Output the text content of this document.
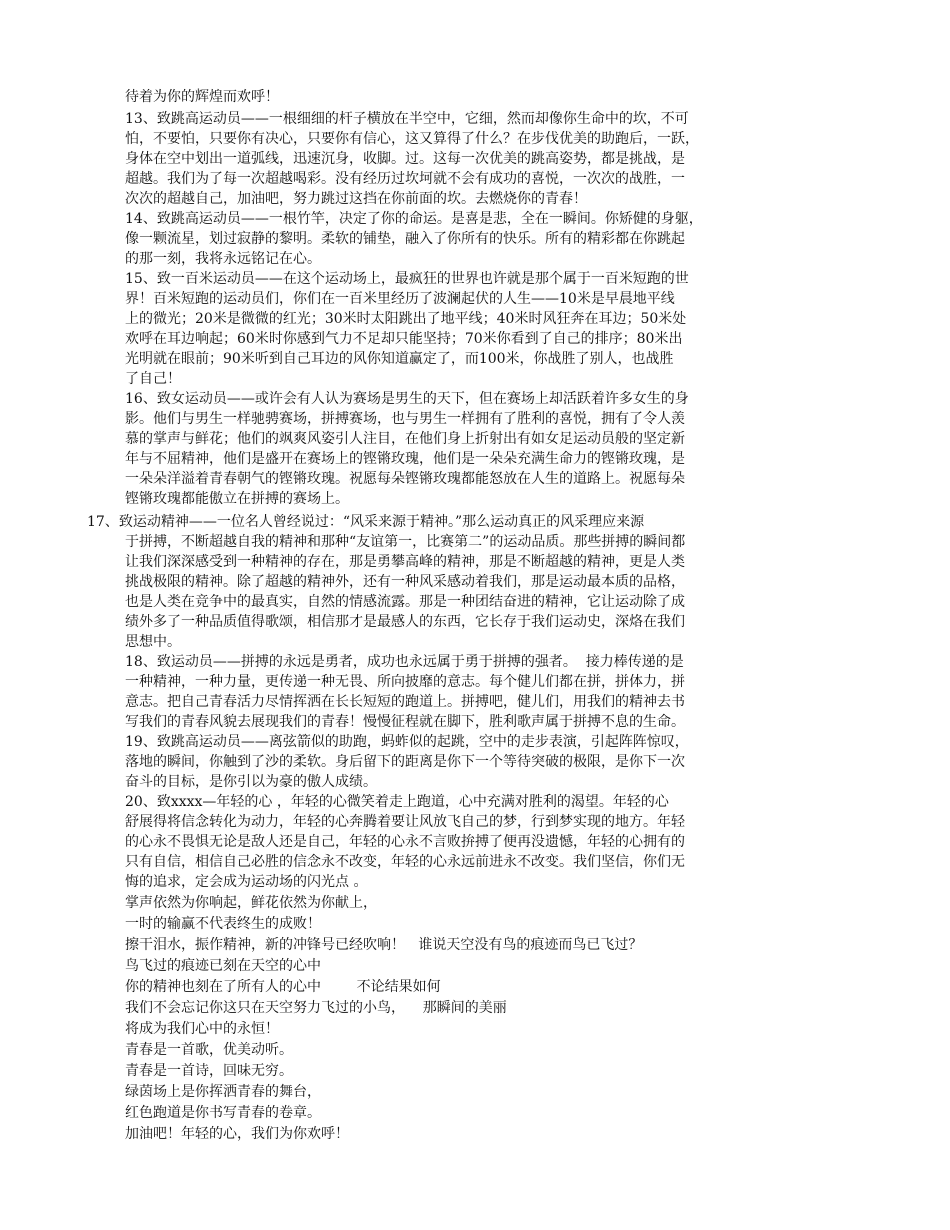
待着为你的辉煌而欢呼！
13、致跳高运动员——一根细细的杆子横放在半空中，它细，然而却像你生命中的坎，不可
怕，不要怕，只要你有决心，只要你有信心，这又算得了什么？在步伐优美的助跑后，一跃，
身体在空中划出一道弧线，迅速沉身，收脚。过。这每一次优美的跳高姿势，都是挑战，是
超越。我们为了每一次超越喝彩。没有经历过坎坷就不会有成功的喜悦，一次次的战胜，一
次次的超越自己，加油吧，努力跳过这挡在你前面的坎。去燃烧你的青春！
14、致跳高运动员——一根竹竿，决定了你的命运。是喜是悲，全在一瞬间。你矫健的身躯，
像一颗流星，划过寂静的黎明。柔软的铺垫，融入了你所有的快乐。所有的精彩都在你跳起
的那一刻，我将永远铭记在心。
15、致一百米运动员——在这个运动场上，最疯狂的世界也许就是那个属于一百米短跑的世
界！百米短跑的运动员们，你们在一百米里经历了波澜起伏的人生——10米是早晨地平线
上的微光；20米是微微的红光；30米时太阳跳出了地平线；40米时风狂奔在耳边；50米处
欢呼在耳边响起；60米时你感到气力不足却只能坚持；70米你看到了自己的排序；80米出
光明就在眼前；90米听到自己耳边的风你知道赢定了，而100米，你战胜了别人，也战胜
了自己！
16、致女运动员——或许会有人认为赛场是男生的天下，但在赛场上却活跃着许多女生的身
影。他们与男生一样驰骋赛场，拼搏赛场，也与男生一样拥有了胜利的喜悦，拥有了令人羡
慕的掌声与鲜花；他们的飒爽风姿引人注目，在他们身上折射出有如女足运动员般的坚定新
年与不屈精神，他们是盛开在赛场上的铿锵玫瑰，他们是一朵朵充满生命力的铿锵玫瑰，是
一朵朵洋溢着青春朝气的铿锵玫瑰。祝愿每朵铿锵玫瑰都能怒放在人生的道路上。祝愿每朵
铿锵玫瑰都能傲立在拼搏的赛场上。
17、致运动精神——一位名人曾经说过：“风采来源于精神。”那么运动真正的风采理应来源
于拼搏，不断超越自我的精神和那种“友谊第一，比赛第二”的运动品质。那些拼搏的瞬间都
让我们深深感受到一种精神的存在，那是勇攀高峰的精神，那是不断超越的精神，更是人类
挑战极限的精神。除了超越的精神外，还有一种风采感动着我们，那是运动最本质的品格，
也是人类在竞争中的最真实，自然的情感流露。那是一种团结奋进的精神，它让运动除了成
绩外多了一种品质值得歌颂，相信那才是最感人的东西，它长存于我们运动史，深烙在我们
思想中。
18、致运动员——拼搏的永远是勇者，成功也永远属于勇于拼搏的强者。  接力棒传递的是
一种精神，一种力量，更传递一种无畏、所向披靡的意志。每个健儿们都在拼，拼体力，拼
意志。把自己青春活力尽情挥洒在长长短短的跑道上。拼搏吧，健儿们，用我们的精神去书
写我们的青春风貌去展现我们的青春！慢慢征程就在脚下，胜利歌声属于拼搏不息的生命。
19、致跳高运动员——离弦箭似的助跑，蚂蚱似的起跳，空中的走步表演，引起阵阵惊叹，
落地的瞬间，你触到了沙的柔软。身后留下的距离是你下一个等待突破的极限，是你下一次
奋斗的目标，是你引以为豪的傲人成绩。
20、致xxxx—年轻的心 ，年轻的心微笑着走上跑道，心中充满对胜利的渴望。年轻的心
舒展得将信念转化为动力，年轻的心奔腾着要让风放飞自己的梦，行到梦实现的地方。年轻
的心永不畏惧无论是敌人还是自己，年轻的心永不言败拚搏了便再没遗憾，年轻的心拥有的
只有自信，相信自己必胜的信念永不改变，年轻的心永远前进永不改变。我们坚信，你们无
悔的追求，定会成为运动场的闪光点 。
掌声依然为你响起，鲜花依然为你献上，
一时的输赢不代表终生的成败！
擦干泪水，振作精神，新的冲锋号已经吹响！   谁说天空没有鸟的痕迹而鸟已飞过？
鸟飞过的痕迹已刻在天空的心中
你的精神也刻在了所有人的心中        不论结果如何
我们不会忘记你这只在天空努力飞过的小鸟，    那瞬间的美丽
将成为我们心中的永恒！
青春是一首歌，优美动听。
青春是一首诗，回味无穷。
绿茵场上是你挥洒青春的舞台，
红色跑道是你书写青春的卷章。
加油吧！年轻的心，我们为你欢呼！
